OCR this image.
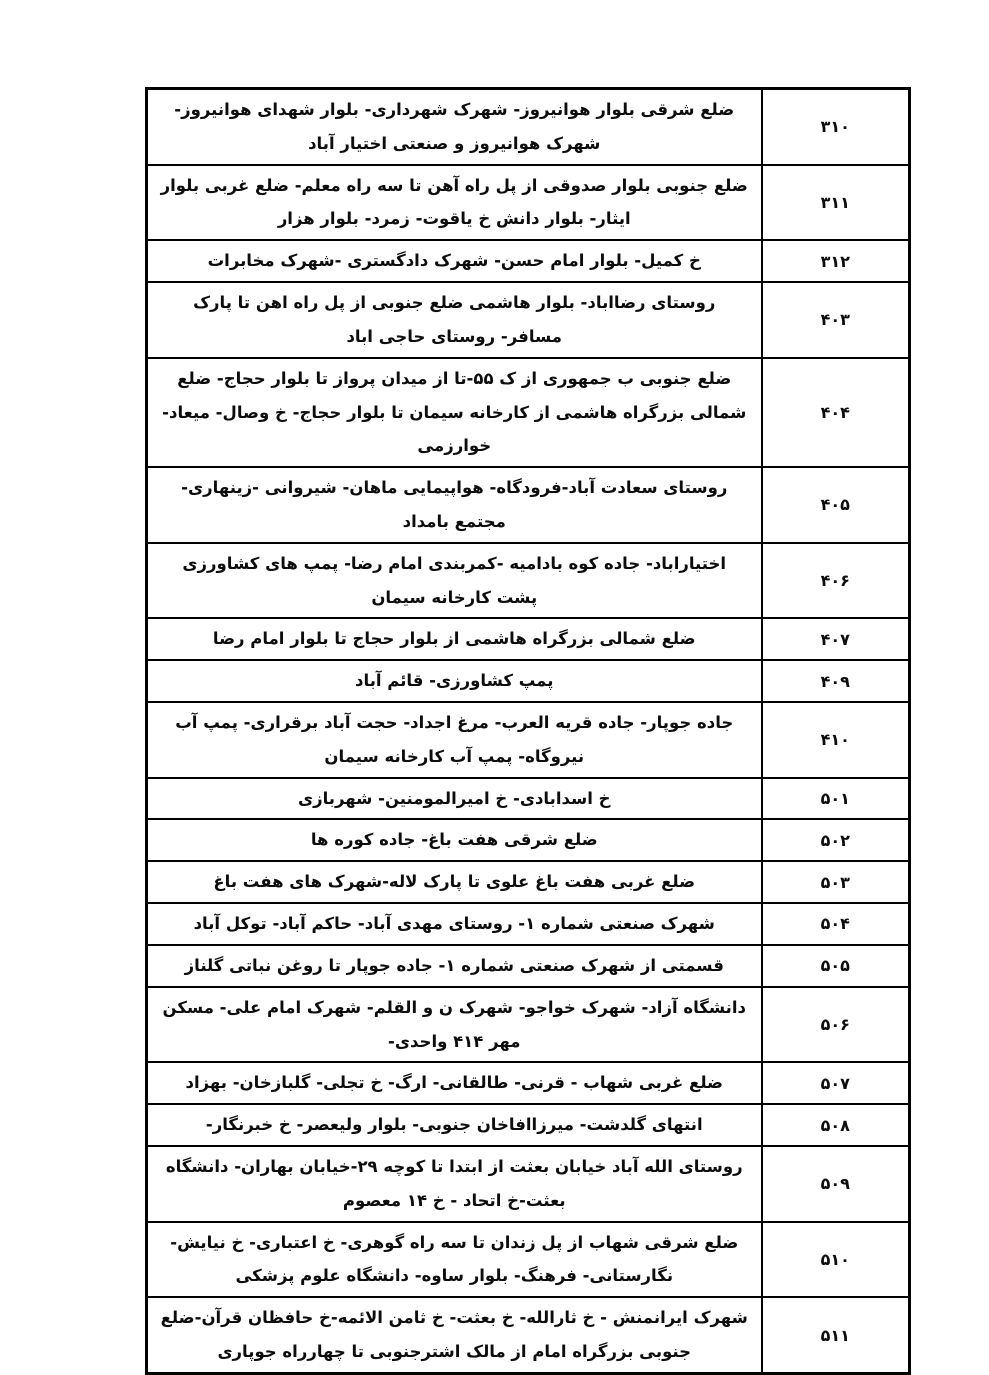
ضلع شرقی بلوار هوانیروز- شهرک شهرداری- بلوار شهدای هوانیروز- شهرک هوانیروز و صنعتی اختیار آباد	۳۱۰
ضلع جنوبی بلوار صدوقی از پل راه آهن تا سه راه معلم- ضلع غربی بلوار ایثار- بلوار دانش خ یاقوت- زمرد- بلوار هزار	۳۱۱
خ کمیل- بلوار امام حسن- شهرک دادگستری -شهرک مخابرات	۳۱۲
روستای رضااباد- بلوار هاشمی ضلع جنوبی از پل راه اهن تا پارک مسافر- روستای حاجی اباد	۴۰۳
ضلع جنوبی ب جمهوری از ک ۵۵-تا از میدان پرواز تا بلوار حجاج- ضلع شمالی بزرگراه هاشمی از کارخانه سیمان تا بلوار حجاج- خ وصال- میعاد- خوارزمی	۴۰۴
روستای سعادت آباد-فرودگاه- هواپیمایی ماهان- شیروانی -زینهاری- مجتمع بامداد	۴۰۵
اختیاراباد- جاده کوه بادامیه -کمربندی امام رضا- پمپ های کشاورزی پشت کارخانه سیمان	۴۰۶
ضلع شمالی بزرگراه هاشمی از بلوار حجاج تا بلوار امام رضا	۴۰۷
پمپ کشاورزی- قائم آباد	۴۰۹
جاده جوپار- جاده قریه العرب- مرغ اجداد- حجت آباد برقراری- پمپ آب نیروگاه- پمپ آب کارخانه سیمان	۴۱۰
خ اسدابادی- خ امیرالمومنین- شهربازی	۵۰۱
ضلع شرقی هفت باغ- جاده کوره ها	۵۰۲
ضلع غربی هفت باغ علوی تا پارک لاله-شهرک های هفت باغ	۵۰۳
شهرک صنعتی شماره ۱- روستای مهدی آباد- حاکم آباد- توکل آباد	۵۰۴
قسمتی از شهرک صنعتی شماره ۱- جاده جوپار تا روغن نباتی گلناز	۵۰۵
دانشگاه آزاد- شهرک خواجو- شهرک ن و القلم- شهرک امام علی- مسکن مهر ۴۱۴ واحدی-	۵۰۶
ضلع غربی شهاب - قرنی- طالقانی- ارگ- خ تجلی- گلبازخان- بهزاد	۵۰۷
انتهای گلدشت- میرزاافاخان جنوبی- بلوار ولیعصر- خ خبرنگار-	۵۰۸
روستای الله آباد خیابان بعثت از ابتدا تا کوچه ۲۹-خیابان بهاران- دانشگاه بعثت-خ اتحاد - خ ۱۴ معصوم	۵۰۹
ضلع شرقی شهاب از پل زندان تا سه راه گوهری- خ اعتباری- خ نیایش- نگارستانی- فرهنگ- بلوار ساوه- دانشگاه علوم پزشکی	۵۱۰
شهرک ایرانمنش - خ ثارالله- خ بعثت- خ ثامن الائمه-خ حافظان قرآن-ضلع جنوبی بزرگراه امام از مالک اشترجنوبی تا چهارراه جوپاری	۵۱۱
